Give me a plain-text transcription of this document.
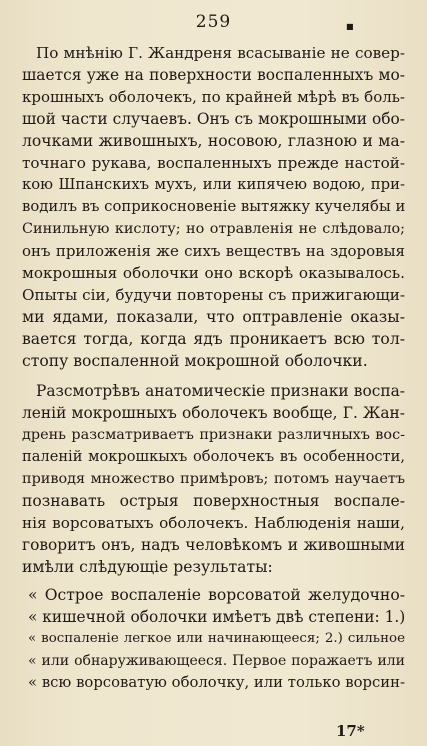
259	■
По мнѣнію Г. Жандреня всасываніе не совер-
шается уже на поверхности воспаленныхъ мо-
крошныхъ оболочекъ, по крайней мѣрѣ въ боль-
шой части случаевъ. Онъ съ мокрошными обо-
лочками живошныхъ, носовою, глазною и ма-
точнаго рукава, воспаленныхъ прежде настой-
кою Шпанскихъ мухъ, или кипячею водою, при-
водилъ въ соприкосновеніе вытяжку кучелябы и
Синильную кислоту; но отравленія не слѣдовало;
онъ приложенія же сихъ веществъ на здоровыя
мокрошныя оболочки оно вскорѣ оказывалось.
Опыты сіи, будучи повторены съ прижигающи-
ми ядами, показали, что оптравленіе оказы-
вается тогда, когда ядъ проникаетъ всю тол-
стопу воспаленной мокрошной оболочки.
Разсмотрѣвъ анатомическіе признаки воспа-
леній мокрошныхъ оболочекъ вообще, Г. Жан-
дрень разсматриваетъ признаки различныхъ вос-
паленій мокрошкыхъ оболочекъ въ особенности,
приводя множество примѣровъ; потомъ научаетъ
познавать острыя поверхностныя воспале-
нія ворсоватыхъ оболочекъ. Наблюденія наши,
говоритъ онъ, надъ человѣкомъ и живошными
имѣли слѣдующіе результаты:
« Острое воспаленіе ворсоватой желудочно-
« кишечной оболочки имѣетъ двѣ степени: 1.)
« воспаленіе легкое или начинающееся; 2.) сильное
« или обнаруживающееся. Первое поражаетъ или
« всю ворсоватую оболочку, или только ворсин-
17*
